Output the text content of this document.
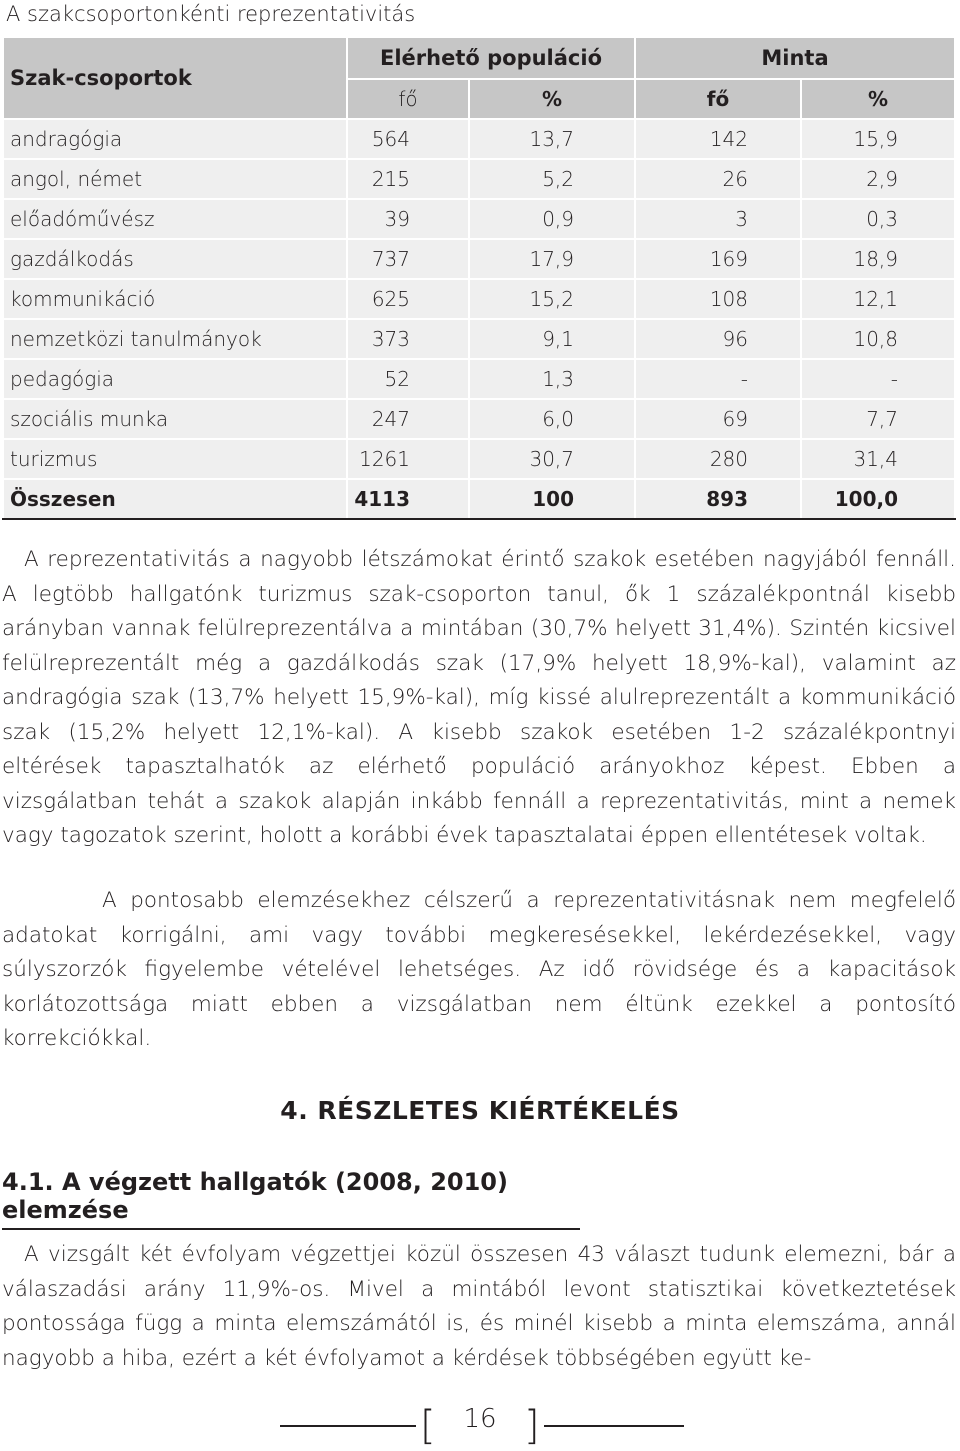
A szakcsoportonkénti reprezentativitás
Szak-csoportok	Elérhető populáció		Minta	
	fő	%	fő	%
andragógia	564	13,7	142	15,9
angol, német	215	5,2	26	2,9
előadóművész	39	0,9	3	0,3
gazdálkodás	737	17,9	169	18,9
kommunikáció	625	15,2	108	12,1
nemzetközi tanulmányok	373	9,1	96	10,8
pedagógia	52	1,3	-	-
szociális munka	247	6,0	69	7,7
turizmus	1261	30,7	280	31,4
Összesen	4113	100	893	100,0

A reprezentativitás a nagyobb létszámokat érintő szakok esetében nagyjából fennáll. A legtöbb hallgatónk turizmus szak-csoporton tanul, ők 1 százalékpontnál kisebb arányban vannak felülreprezentálva a mintában (30,7% helyett 31,4%). Szintén kicsivel felülreprezentált még a gazdálkodás szak (17,9% helyett 18,9%-kal), valamint az andragógia szak (13,7% helyett 15,9%-kal), míg kissé alulreprezentált a kommunikáció szak (15,2% helyett 12,1%-kal). A kisebb szakok esetében 1-2 százalékpontnyi eltérések tapasztalhatók az elérhető populáció arányokhoz képest. Ebben a vizsgálatban tehát a szakok alapján inkább fennáll a reprezentativitás, mint a nemek vagy tagozatok szerint, holott a korábbi évek tapasztalatai éppen ellentétesek voltak.

A pontosabb elemzésekhez célszerű a reprezentativitásnak nem megfelelő adatokat korrigálni, ami vagy további megkeresésekkel, lekérdezésekkel, vagy súlyszorzók figyelembe vételével lehetséges. Az idő rövidsége és a kapacitások korlátozottsága miatt ebben a vizsgálatban nem éltünk ezekkel a pontosító korrekciókkal.

4. RÉSZLETES KIÉRTÉKELÉS
4.1. A végzett hallgatók (2008, 2010) elemzése

A vizsgált két évfolyam végzettjei közül összesen 43 választ tudunk elemezni, bár a válaszadási arány 11,9%-os. Mivel a mintából levont statisztikai következtetések pontossága függ a minta elemszámától is, és minél kisebb a minta elemszáma, annál nagyobb a hiba, ezért a két évfolyamot a kérdések többségében együtt ke-

[	16 ]
